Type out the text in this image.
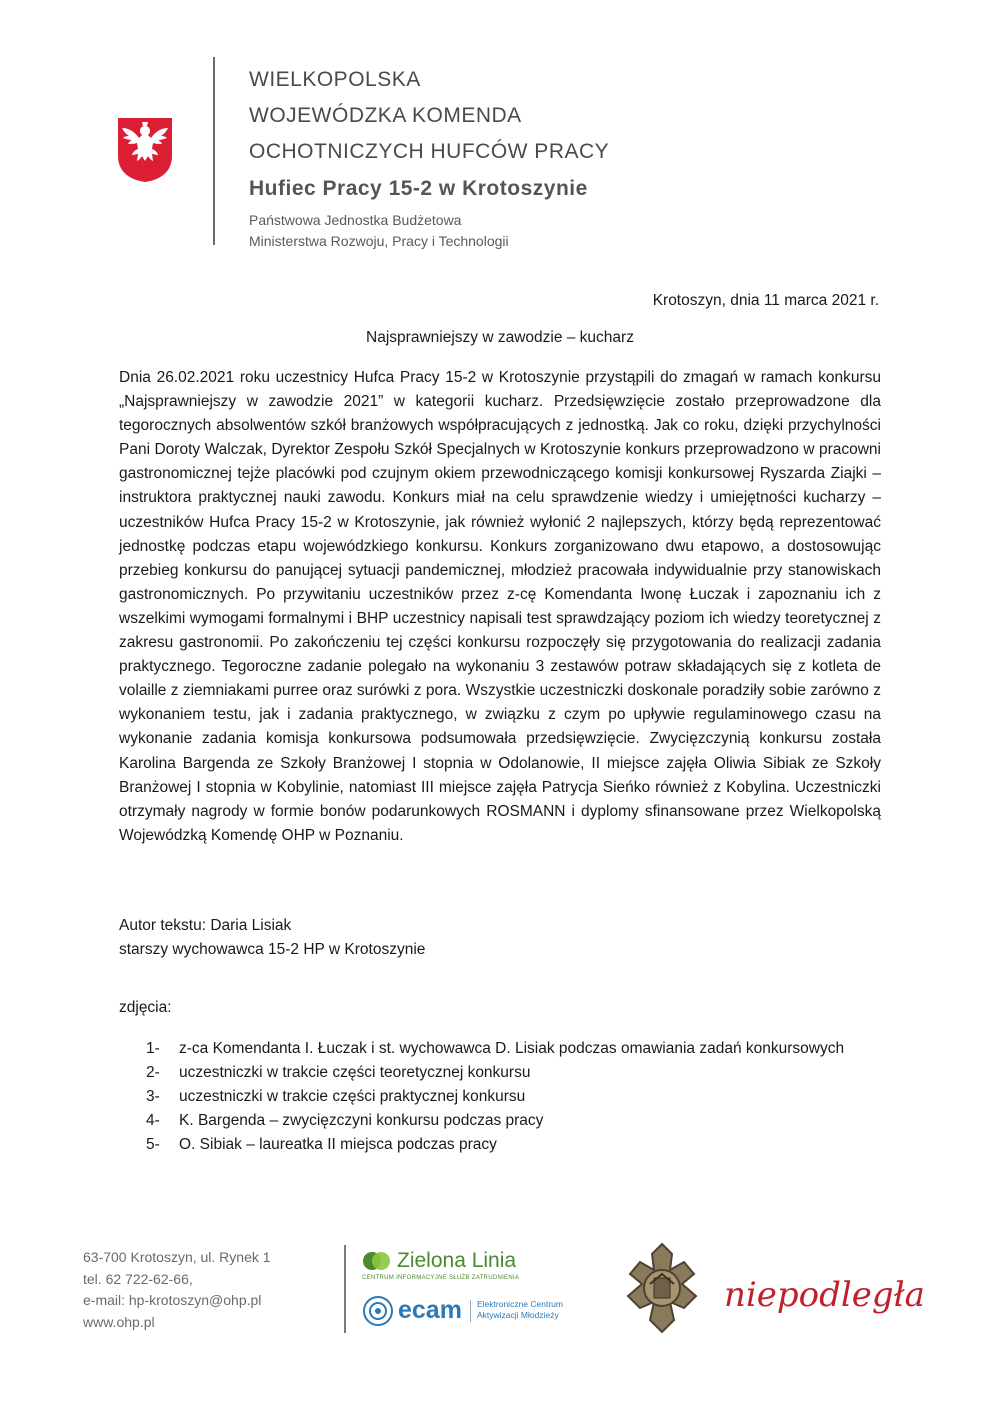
WIELKOPOLSKA
WOJEWÓDZKA KOMENDA
OCHOTNICZYCH HUFCÓW PRACY
Hufiec Pracy 15-2 w Krotoszynie
Państwowa Jednostka Budżetowa
Ministerstwa Rozwoju, Pracy i Technologii
Krotoszyn, dnia 11 marca 2021 r.
Najsprawniejszy w zawodzie – kucharz

Dnia 26.02.2021 roku uczestnicy Hufca Pracy 15-2 w Krotoszynie przystąpili do zmagań w ramach konkursu „Najsprawniejszy w zawodzie 2021” w kategorii kucharz. Przedsięwzięcie zostało przeprowadzone dla tegorocznych absolwentów szkół branżowych współpracujących z jednostką. Jak co roku, dzięki przychylności Pani Doroty Walczak, Dyrektor Zespołu Szkół Specjalnych w Krotoszynie konkurs przeprowadzono w pracowni gastronomicznej tejże placówki pod czujnym okiem przewodniczącego komisji konkursowej Ryszarda Ziajki – instruktora praktycznej nauki zawodu. Konkurs miał na celu sprawdzenie wiedzy i umiejętności kucharzy – uczestników Hufca Pracy 15-2 w Krotoszynie, jak również wyłonić 2 najlepszych, którzy będą reprezentować jednostkę podczas etapu wojewódzkiego konkursu. Konkurs zorganizowano dwu etapowo, a dostosowując przebieg konkursu do panującej sytuacji pandemicznej, młodzież pracowała indywidualnie przy stanowiskach gastronomicznych. Po przywitaniu uczestników przez z-cę Komendanta Iwonę Łuczak i zapoznaniu ich z wszelkimi wymogami formalnymi i BHP uczestnicy napisali test sprawdzający poziom ich wiedzy teoretycznej z zakresu gastronomii. Po zakończeniu tej części konkursu rozpoczęły się przygotowania do realizacji zadania praktycznego. Tegoroczne zadanie polegało na wykonaniu 3 zestawów potraw składających się z kotleta de volaille z ziemniakami purree oraz surówki z pora. Wszystkie uczestniczki doskonale poradziły sobie zarówno z wykonaniem testu, jak i zadania praktycznego, w związku z czym po upływie regulaminowego czasu na wykonanie zadania komisja konkursowa podsumowała przedsięwzięcie. Zwycięzczynią konkursu została Karolina Bargenda ze Szkoły Branżowej I stopnia w Odolanowie, II miejsce zajęła Oliwia Sibiak ze Szkoły Branżowej I stopnia w Kobylinie, natomiast III miejsce zajęła Patrycja Sieńko również z Kobylina. Uczestniczki otrzymały nagrody w formie bonów podarunkowych ROSMANN i dyplomy sfinansowane przez Wielkopolską Wojewódzką Komendę OHP w Poznaniu.

Autor tekstu: Daria Lisiak
starszy wychowawca 15-2 HP w Krotoszynie
zdjęcia:
1-	z-ca Komendanta I. Łuczak i st. wychowawca D. Lisiak podczas omawiania zadań konkursowych
2-	uczestniczki w trakcie części teoretycznej konkursu
3-	uczestniczki w trakcie części praktycznej konkursu
4-	K. Bargenda – zwycięzczyni konkursu podczas pracy
5-	O. Sibiak – laureatka II miejsca podczas pracy
63-700 Krotoszyn, ul. Rynek 1
tel. 62 722-62-66,
e-mail: hp-krotoszyn@ohp.pl
www.ohp.pl
Zielona Linia
CENTRUM INFORMACYJNE SŁUŻB ZATRUDNIENIA
ecam Elektroniczne Centrum
Aktywizacji Młodzieży	niepodległa
